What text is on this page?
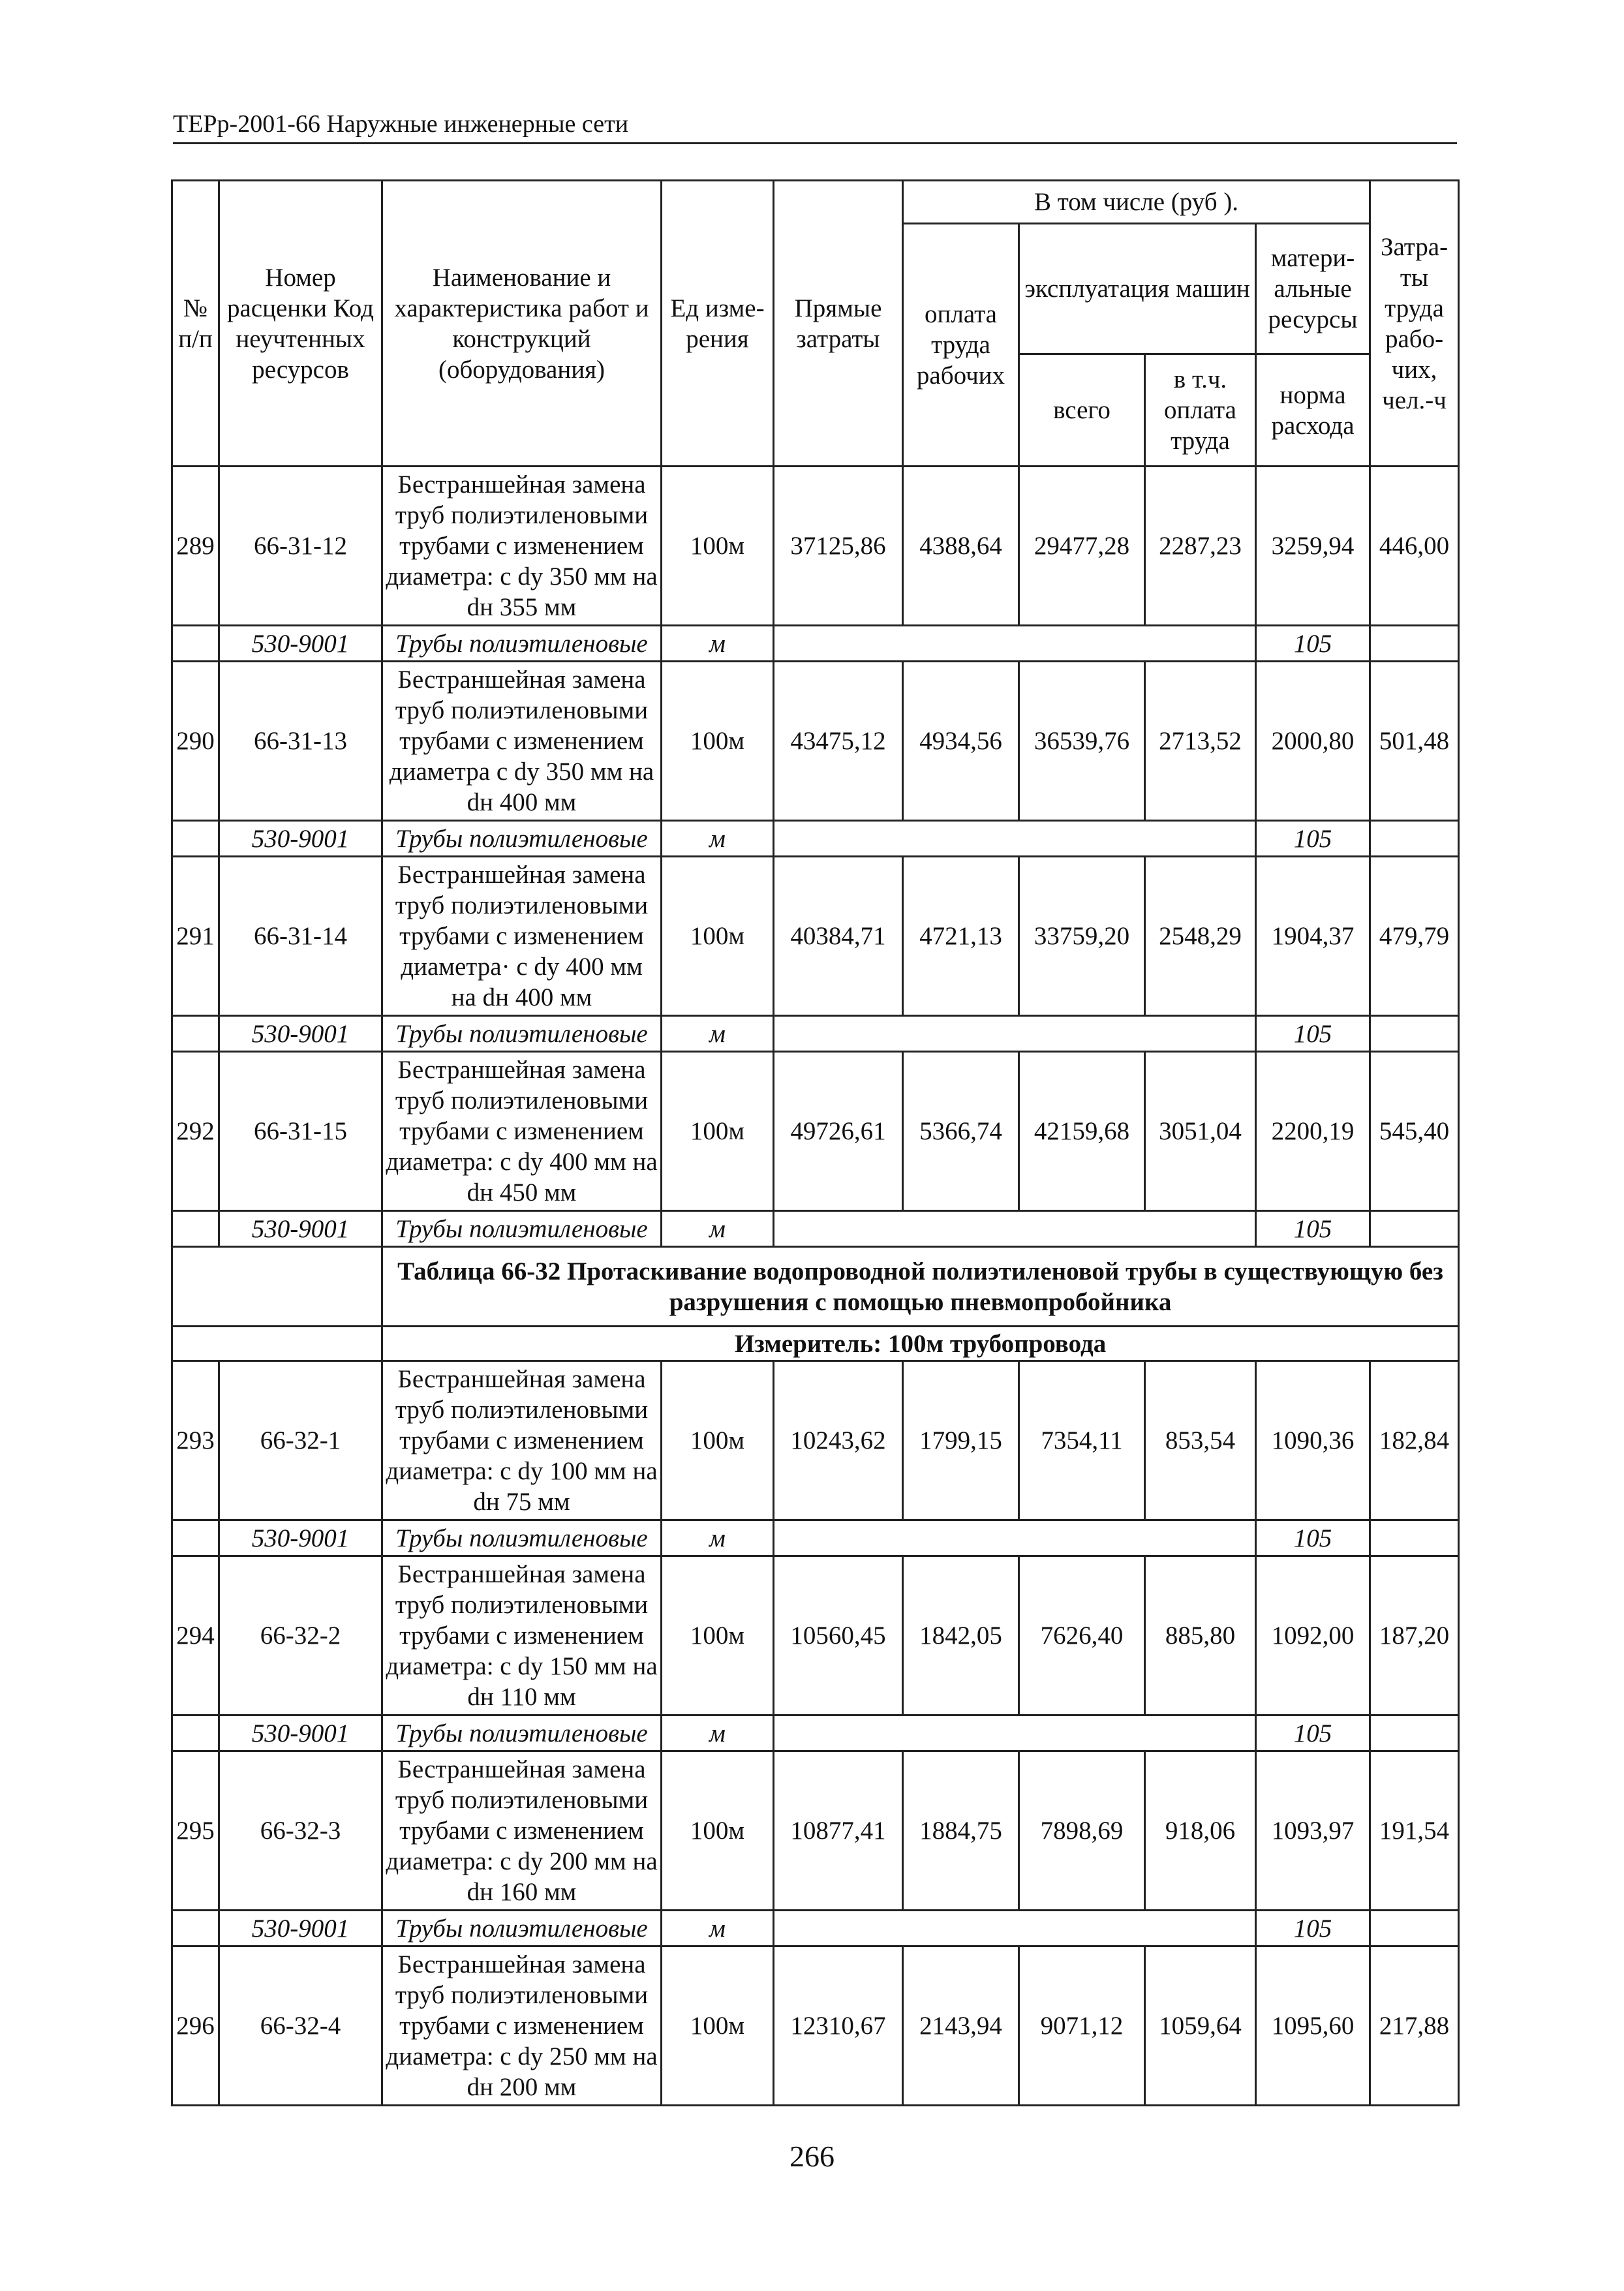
ТЕРр-2001-66 Наружные инженерные сети
№ п/п	Номер расценки Код неучтенных ресурсов	Наименование и характеристика работ и конструкций (оборудования)	Ед изме-рения	Прямые затраты	В том числе (руб ).				Затра-ты труда рабо-чих, чел.-ч
					оплата труда рабочих	эксплуатация машин		матери-альные ресурсы	
						всего	в т.ч. оплата труда	норма расхода	
289	66-31-12	Бестраншейная замена труб полиэтиленовыми трубами с изменением диаметра: с dy 350 мм на dн 355 мм	100м	37125,86	4388,64	29477,28	2287,23	3259,94	446,00
	530-9001	Трубы полиэтиленовые	м					105	
290	66-31-13	Бестраншейная замена труб полиэтиленовыми трубами с изменением диаметра с dy 350 мм на dн 400 мм	100м	43475,12	4934,56	36539,76	2713,52	2000,80	501,48
	530-9001	Трубы полиэтиленовые	м					105	
291	66-31-14	Бестраншейная замена труб полиэтиленовыми трубами с изменением диаметра· с dy 400 мм на dн 400 мм	100м	40384,71	4721,13	33759,20	2548,29	1904,37	479,79
	530-9001	Трубы полиэтиленовые	м					105	
292	66-31-15	Бестраншейная замена труб полиэтиленовыми трубами с изменением диаметра: с dy 400 мм на dн 450 мм	100м	49726,61	5366,74	42159,68	3051,04	2200,19	545,40
	530-9001	Трубы полиэтиленовые	м					105	
		Таблица 66-32 Протаскивание водопроводной полиэтиленовой трубы в существующую без разрушения с помощью пневмопробойника							
		Измеритель: 100м трубопровода							
293	66-32-1	Бестраншейная замена труб полиэтиленовыми трубами с изменением диаметра: с dy 100 мм на dн 75 мм	100м	10243,62	1799,15	7354,11	853,54	1090,36	182,84
	530-9001	Трубы полиэтиленовые	м					105	
294	66-32-2	Бестраншейная замена труб полиэтиленовыми трубами с изменением диаметра: с dy 150 мм на dн 110 мм	100м	10560,45	1842,05	7626,40	885,80	1092,00	187,20
	530-9001	Трубы полиэтиленовые	м					105	
295	66-32-3	Бестраншейная замена труб полиэтиленовыми трубами с изменением диаметра: с dy 200 мм на dн 160 мм	100м	10877,41	1884,75	7898,69	918,06	1093,97	191,54
	530-9001	Трубы полиэтиленовые	м					105	
296	66-32-4	Бестраншейная замена труб полиэтиленовыми трубами с изменением диаметра: с dy 250 мм на dн 200 мм	100м	12310,67	2143,94	9071,12	1059,64	1095,60	217,88
266
